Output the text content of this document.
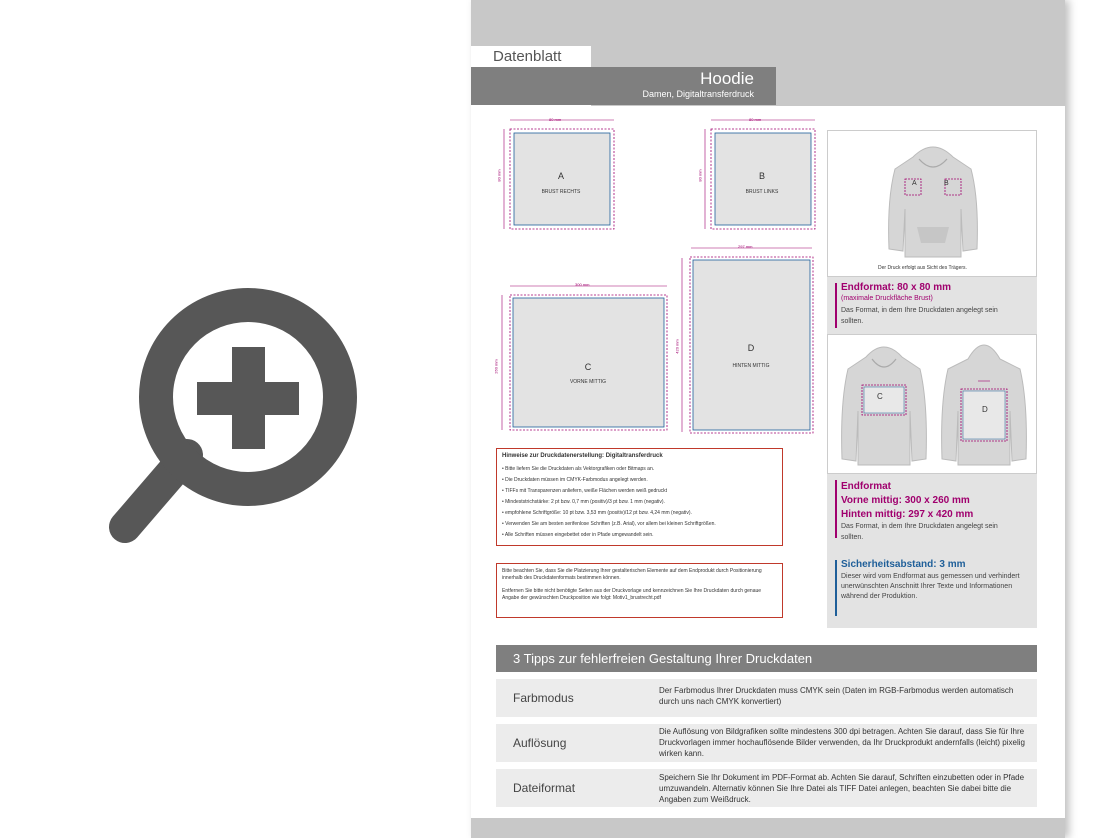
Datenblatt
Hoodie
Damen, Digitaltransferdruck
80 mm	80 mm
300 mm
297 mm
80 mm	80 mm
260 mm
420 mm
A
BRUST RECHTS
B
BRUST LINKS
C
VORNE MITTIG
D
HINTEN MITTIG
Hinweise zur Druckdatenerstellung: Digitaltransferdruck
• Bitte liefern Sie die Druckdaten als Vektorgrafiken oder Bitmaps an.
• Die Druckdaten müssen im CMYK-Farbmodus angelegt werden.
• TIFFs mit Transparenzen anliefern, weiße Flächen werden weiß gedruckt
• Mindeststrichstärke: 2 pt bzw. 0,7 mm (positiv)/3 pt bzw. 1 mm (negativ).
• empfohlene Schriftgröße: 10 pt bzw. 3,53 mm (positiv)/12 pt bzw. 4,24 mm (negativ).
• Verwenden Sie am besten serifenlose Schriften (z.B. Arial), vor allem bei kleinen Schriftgrößen.
• Alle Schriften müssen eingebettet oder in Pfade umgewandelt sein.

Bitte beachten Sie, dass Sie die Platzierung Ihrer gestalterischen Elemente auf dem Endprodukt durch Positionierung innerhalb des Druckdatenformats bestimmen können.

Entfernen Sie bitte nicht benötigte Seiten aus der Druckvorlage und kennzeichnen Sie Ihre Druckdaten durch genaue Angabe der gewünschten Druckposition wie folgt: Motiv1_brustrecht.pdf

A	B
Der Druck erfolgt aus Sicht des Trägers.
Endformat: 80 x 80 mm
(maximale Druckfläche Brust)
Das Format, in dem Ihre Druckdaten angelegt sein sollten.
C
D
Endformat
Vorne mittig: 300 x 260 mm
Hinten mittig: 297 x 420 mm
Das Format, in dem Ihre Druckdaten angelegt sein sollten.
Sicherheitsabstand: 3 mm
Dieser wird vom Endformat aus gemessen und verhindert unerwünschten Anschnitt Ihrer Texte und Informationen während der Produktion.
3 Tipps zur fehlerfreien Gestaltung Ihrer Druckdaten
Farbmodus
Der Farbmodus Ihrer Druckdaten muss CMYK sein (Daten im RGB-Farbmodus werden automatisch durch uns nach CMYK konvertiert)
Auflösung
Die Auflösung von Bildgrafiken sollte mindestens 300 dpi betragen. Achten Sie darauf, dass Sie für Ihre Druckvorlagen immer hochauflösende Bilder verwenden, da Ihr Druckprodukt andernfalls (leicht) pixelig wirken kann.
Dateiformat
Speichern Sie Ihr Dokument im PDF-Format ab. Achten Sie darauf, Schriften einzubetten oder in Pfade umzuwandeln. Alternativ können Sie Ihre Datei als TIFF Datei anlegen, beachten Sie dabei bitte die Angaben zum Weißdruck.
